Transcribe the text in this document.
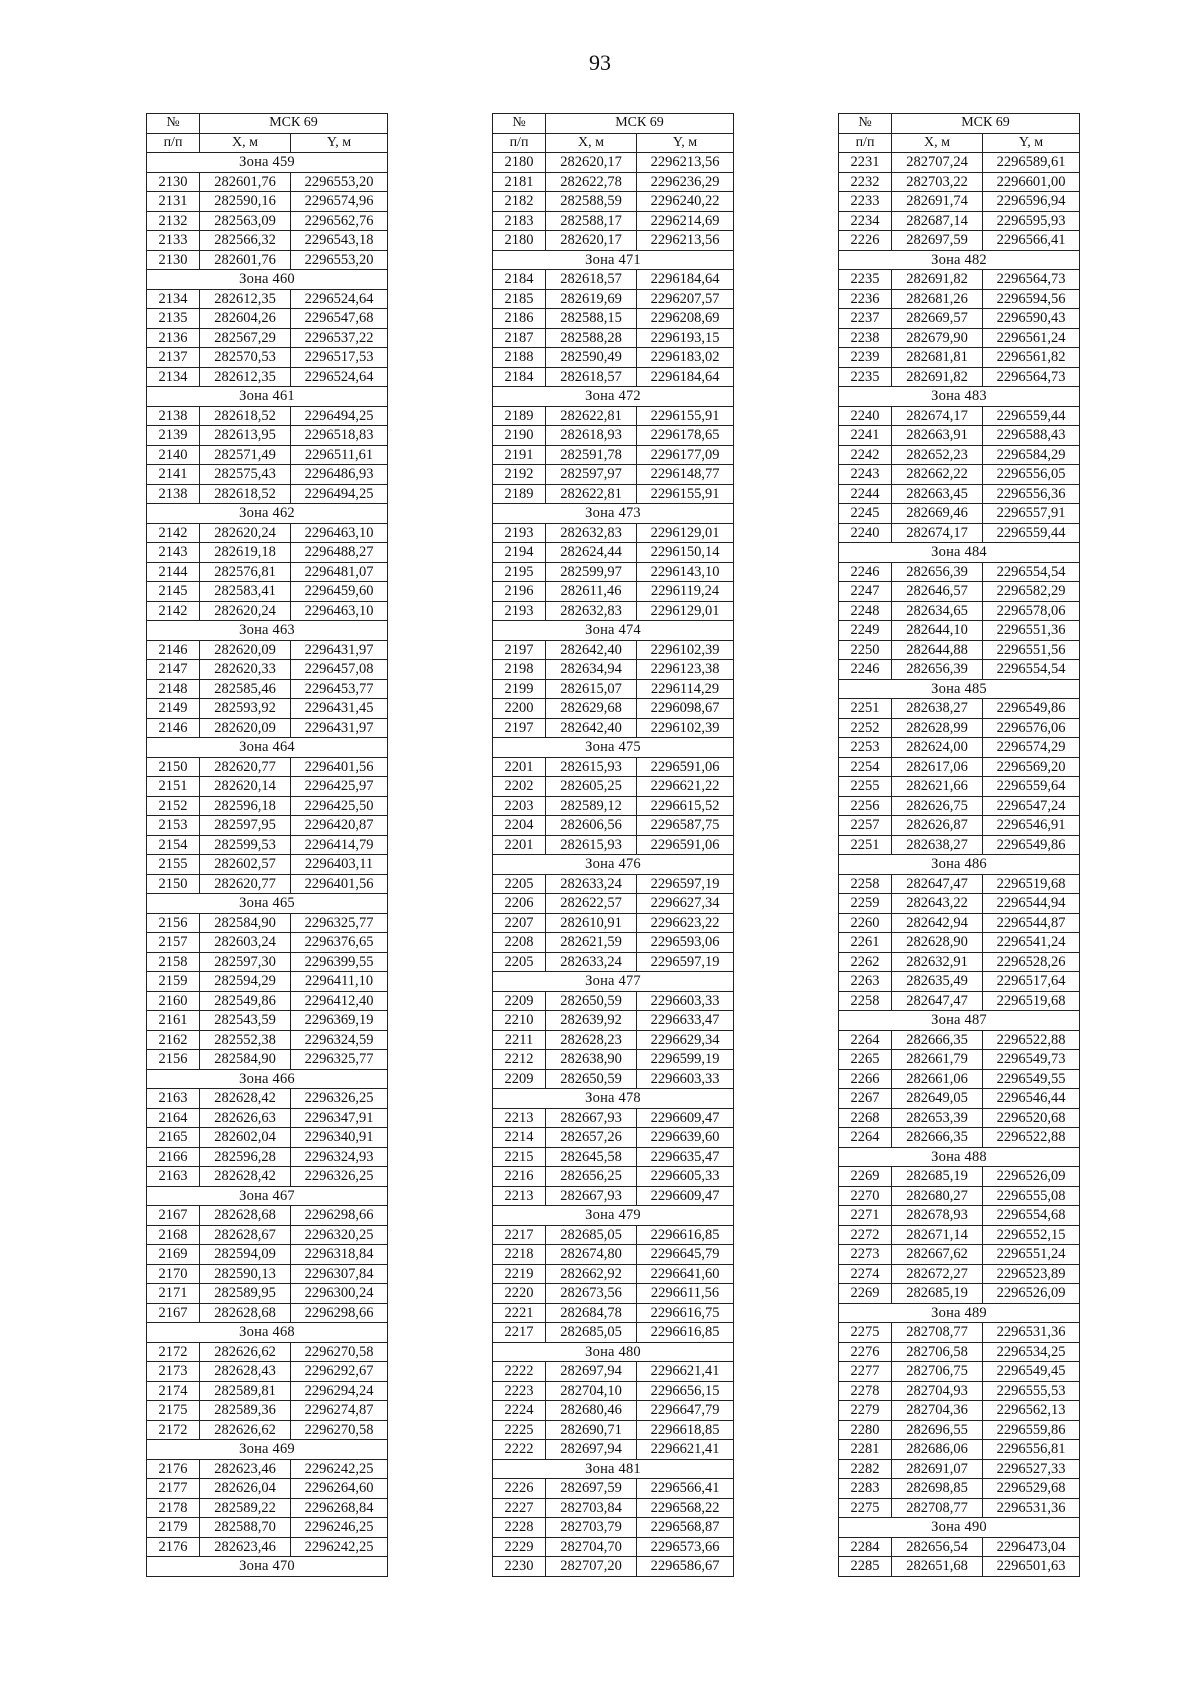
93
№	МСК 69	
п/п	X, м	Y, м
Зона 459		
2130	282601,76	2296553,20
2131	282590,16	2296574,96
2132	282563,09	2296562,76
2133	282566,32	2296543,18
2130	282601,76	2296553,20
Зона 460		
2134	282612,35	2296524,64
2135	282604,26	2296547,68
2136	282567,29	2296537,22
2137	282570,53	2296517,53
2134	282612,35	2296524,64
Зона 461		
2138	282618,52	2296494,25
2139	282613,95	2296518,83
2140	282571,49	2296511,61
2141	282575,43	2296486,93
2138	282618,52	2296494,25
Зона 462		
2142	282620,24	2296463,10
2143	282619,18	2296488,27
2144	282576,81	2296481,07
2145	282583,41	2296459,60
2142	282620,24	2296463,10
Зона 463		
2146	282620,09	2296431,97
2147	282620,33	2296457,08
2148	282585,46	2296453,77
2149	282593,92	2296431,45
2146	282620,09	2296431,97
Зона 464		
2150	282620,77	2296401,56
2151	282620,14	2296425,97
2152	282596,18	2296425,50
2153	282597,95	2296420,87
2154	282599,53	2296414,79
2155	282602,57	2296403,11
2150	282620,77	2296401,56
Зона 465		
2156	282584,90	2296325,77
2157	282603,24	2296376,65
2158	282597,30	2296399,55
2159	282594,29	2296411,10
2160	282549,86	2296412,40
2161	282543,59	2296369,19
2162	282552,38	2296324,59
2156	282584,90	2296325,77
Зона 466		
2163	282628,42	2296326,25
2164	282626,63	2296347,91
2165	282602,04	2296340,91
2166	282596,28	2296324,93
2163	282628,42	2296326,25
Зона 467		
2167	282628,68	2296298,66
2168	282628,67	2296320,25
2169	282594,09	2296318,84
2170	282590,13	2296307,84
2171	282589,95	2296300,24
2167	282628,68	2296298,66
Зона 468		
2172	282626,62	2296270,58
2173	282628,43	2296292,67
2174	282589,81	2296294,24
2175	282589,36	2296274,87
2172	282626,62	2296270,58
Зона 469		
2176	282623,46	2296242,25
2177	282626,04	2296264,60
2178	282589,22	2296268,84
2179	282588,70	2296246,25
2176	282623,46	2296242,25
Зона 470		
№	МСК 69	
п/п	X, м	Y, м
2180	282620,17	2296213,56
2181	282622,78	2296236,29
2182	282588,59	2296240,22
2183	282588,17	2296214,69
2180	282620,17	2296213,56
Зона 471		
2184	282618,57	2296184,64
2185	282619,69	2296207,57
2186	282588,15	2296208,69
2187	282588,28	2296193,15
2188	282590,49	2296183,02
2184	282618,57	2296184,64
Зона 472		
2189	282622,81	2296155,91
2190	282618,93	2296178,65
2191	282591,78	2296177,09
2192	282597,97	2296148,77
2189	282622,81	2296155,91
Зона 473		
2193	282632,83	2296129,01
2194	282624,44	2296150,14
2195	282599,97	2296143,10
2196	282611,46	2296119,24
2193	282632,83	2296129,01
Зона 474		
2197	282642,40	2296102,39
2198	282634,94	2296123,38
2199	282615,07	2296114,29
2200	282629,68	2296098,67
2197	282642,40	2296102,39
Зона 475		
2201	282615,93	2296591,06
2202	282605,25	2296621,22
2203	282589,12	2296615,52
2204	282606,56	2296587,75
2201	282615,93	2296591,06
Зона 476		
2205	282633,24	2296597,19
2206	282622,57	2296627,34
2207	282610,91	2296623,22
2208	282621,59	2296593,06
2205	282633,24	2296597,19
Зона 477		
2209	282650,59	2296603,33
2210	282639,92	2296633,47
2211	282628,23	2296629,34
2212	282638,90	2296599,19
2209	282650,59	2296603,33
Зона 478		
2213	282667,93	2296609,47
2214	282657,26	2296639,60
2215	282645,58	2296635,47
2216	282656,25	2296605,33
2213	282667,93	2296609,47
Зона 479		
2217	282685,05	2296616,85
2218	282674,80	2296645,79
2219	282662,92	2296641,60
2220	282673,56	2296611,56
2221	282684,78	2296616,75
2217	282685,05	2296616,85
Зона 480		
2222	282697,94	2296621,41
2223	282704,10	2296656,15
2224	282680,46	2296647,79
2225	282690,71	2296618,85
2222	282697,94	2296621,41
Зона 481		
2226	282697,59	2296566,41
2227	282703,84	2296568,22
2228	282703,79	2296568,87
2229	282704,70	2296573,66
2230	282707,20	2296586,67
№	МСК 69	
п/п	X, м	Y, м
2231	282707,24	2296589,61
2232	282703,22	2296601,00
2233	282691,74	2296596,94
2234	282687,14	2296595,93
2226	282697,59	2296566,41
Зона 482		
2235	282691,82	2296564,73
2236	282681,26	2296594,56
2237	282669,57	2296590,43
2238	282679,90	2296561,24
2239	282681,81	2296561,82
2235	282691,82	2296564,73
Зона 483		
2240	282674,17	2296559,44
2241	282663,91	2296588,43
2242	282652,23	2296584,29
2243	282662,22	2296556,05
2244	282663,45	2296556,36
2245	282669,46	2296557,91
2240	282674,17	2296559,44
Зона 484		
2246	282656,39	2296554,54
2247	282646,57	2296582,29
2248	282634,65	2296578,06
2249	282644,10	2296551,36
2250	282644,88	2296551,56
2246	282656,39	2296554,54
Зона 485		
2251	282638,27	2296549,86
2252	282628,99	2296576,06
2253	282624,00	2296574,29
2254	282617,06	2296569,20
2255	282621,66	2296559,64
2256	282626,75	2296547,24
2257	282626,87	2296546,91
2251	282638,27	2296549,86
Зона 486		
2258	282647,47	2296519,68
2259	282643,22	2296544,94
2260	282642,94	2296544,87
2261	282628,90	2296541,24
2262	282632,91	2296528,26
2263	282635,49	2296517,64
2258	282647,47	2296519,68
Зона 487		
2264	282666,35	2296522,88
2265	282661,79	2296549,73
2266	282661,06	2296549,55
2267	282649,05	2296546,44
2268	282653,39	2296520,68
2264	282666,35	2296522,88
Зона 488		
2269	282685,19	2296526,09
2270	282680,27	2296555,08
2271	282678,93	2296554,68
2272	282671,14	2296552,15
2273	282667,62	2296551,24
2274	282672,27	2296523,89
2269	282685,19	2296526,09
Зона 489		
2275	282708,77	2296531,36
2276	282706,58	2296534,25
2277	282706,75	2296549,45
2278	282704,93	2296555,53
2279	282704,36	2296562,13
2280	282696,55	2296559,86
2281	282686,06	2296556,81
2282	282691,07	2296527,33
2283	282698,85	2296529,68
2275	282708,77	2296531,36
Зона 490		
2284	282656,54	2296473,04
2285	282651,68	2296501,63
